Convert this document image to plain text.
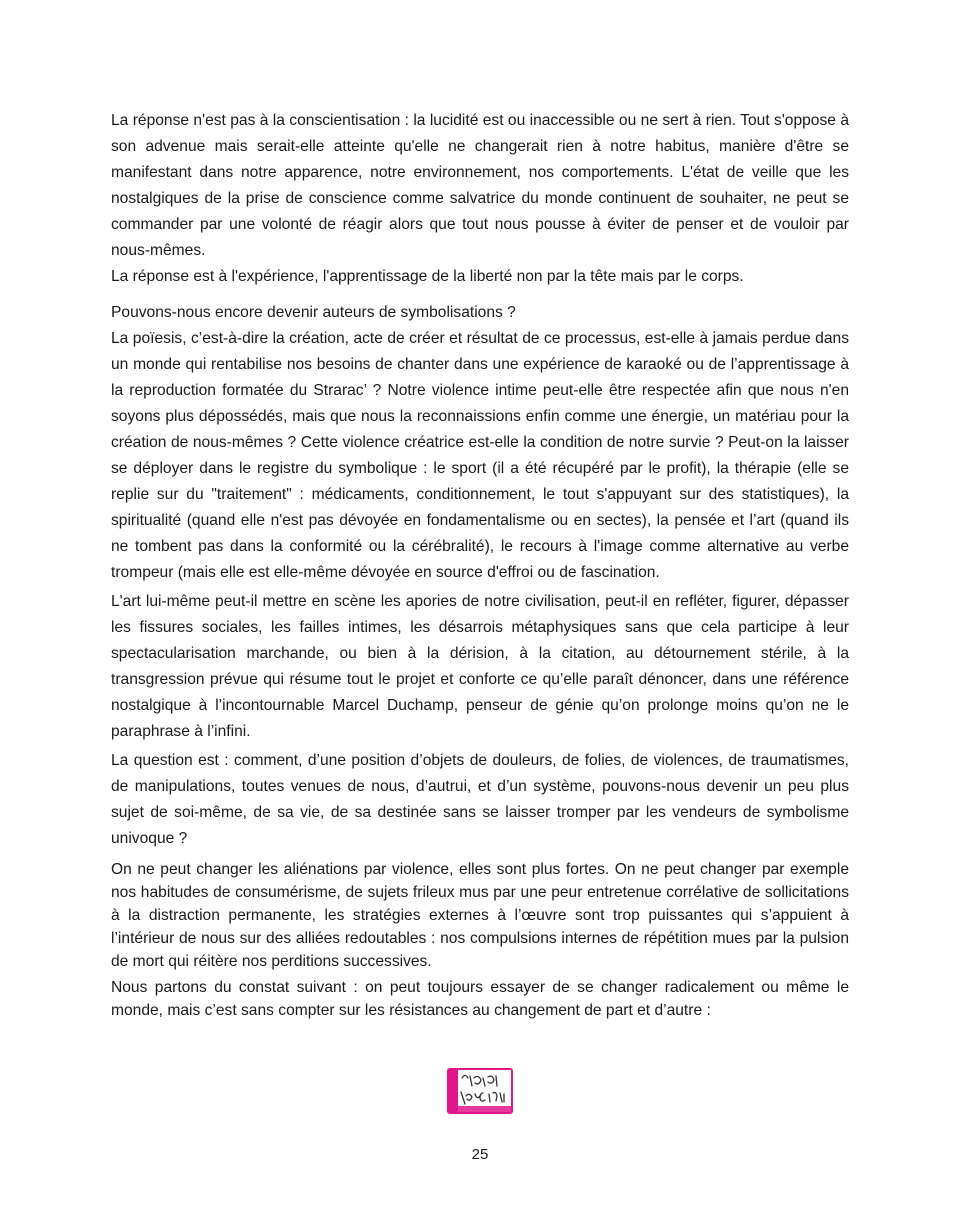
La réponse n'est pas à la conscientisation : la lucidité est ou inaccessible ou ne sert à rien. Tout s'oppose à son advenue mais serait-elle atteinte qu'elle ne changerait rien à notre habitus, manière d'être se manifestant dans notre apparence, notre environnement, nos comportements. L'état de veille que les nostalgiques de la prise de conscience comme salvatrice du monde continuent de souhaiter, ne peut se commander par une volonté de réagir alors que tout nous pousse à éviter de penser et de vouloir par nous-mêmes.

La réponse est à l'expérience, l'apprentissage de la liberté non par la tête mais par le corps.

Pouvons-nous encore devenir auteurs de symbolisations ?

La poïesis, c’est-à-dire la création, acte de créer et résultat de ce processus, est-elle à jamais perdue dans un monde qui rentabilise nos besoins de chanter dans une expérience de karaoké ou de l’apprentissage à la reproduction formatée du Strarac’ ? Notre violence intime peut-elle être respectée afin que nous n'en soyons plus dépossédés, mais que nous la reconnaissions enfin comme une énergie, un matériau pour la création de nous-mêmes ? Cette violence créatrice est-elle la condition de notre survie ? Peut-on la laisser se déployer dans le registre du symbolique : le sport (il a été récupéré par le profit), la thérapie (elle se replie sur du "traitement" : médicaments, conditionnement, le tout s'appuyant sur des statistiques), la spiritualité (quand elle n'est pas dévoyée en fondamentalisme ou en sectes), la pensée et l’art (quand ils ne tombent pas dans la conformité ou la cérébralité), le recours à l'image comme alternative au verbe trompeur (mais elle est elle-même dévoyée en source d'effroi ou de fascination.

L'art lui-même peut-il mettre en scène les apories de notre civilisation, peut-il en refléter, figurer, dépasser les fissures sociales, les failles intimes, les désarrois métaphysiques sans que cela participe à leur spectacularisation marchande, ou bien à la dérision, à la citation, au détournement stérile, à la transgression prévue qui résume tout le projet et conforte ce qu’elle paraît dénoncer, dans une référence nostalgique à l’incontournable Marcel Duchamp, penseur de génie qu’on prolonge moins qu’on ne le paraphrase à l’infini.

La question est : comment, d’une position d’objets de douleurs, de folies, de violences, de traumatismes, de manipulations, toutes venues de nous, d’autrui, et d’un système, pouvons-nous devenir un peu plus sujet de soi-même, de sa vie, de sa destinée sans se laisser tromper par les vendeurs de symbolisme univoque ?

On ne peut changer les aliénations par violence, elles sont plus fortes. On ne peut changer par exemple nos habitudes de consumérisme, de sujets frileux mus par une peur entretenue corrélative de sollicitations à la distraction permanente, les stratégies externes à l’œuvre sont trop puissantes qui s’appuient à l’intérieur de nous sur des alliées redoutables : nos compulsions internes de répétition mues par la pulsion de mort qui réitère nos perditions successives.

Nous partons du constat suivant : on peut toujours essayer de se changer radicalement ou même le monde, mais c’est sans compter sur les résistances au changement de part et d’autre :

25
